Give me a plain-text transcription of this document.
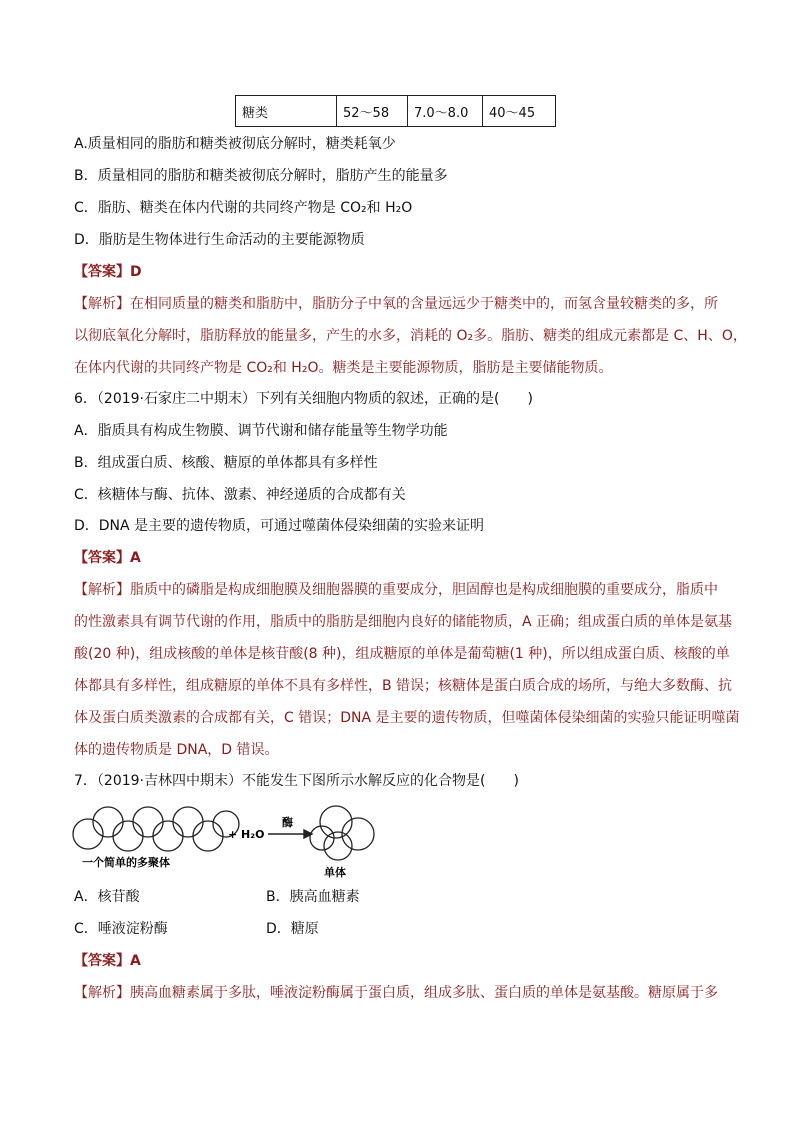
糖类	52～58	7.0～8.0	40～45
A.质量相同的脂肪和糖类被彻底分解时，糖类耗氧少
B．质量相同的脂肪和糖类被彻底分解时，脂肪产生的能量多
C．脂肪、糖类在体内代谢的共同终产物是 CO₂和 H₂O
D．脂肪是生物体进行生命活动的主要能源物质
【答案】D
【解析】在相同质量的糖类和脂肪中，脂肪分子中氧的含量远远少于糖类中的，而氢含量较糖类的多，所
以彻底氧化分解时，脂肪释放的能量多，产生的水多，消耗的 O₂多。脂肪、糖类的组成元素都是 C、H、O，
在体内代谢的共同终产物是 CO₂和 H₂O。糖类是主要能源物质，脂肪是主要储能物质。
6．（2019·石家庄二中期末）下列有关细胞内物质的叙述，正确的是(　　)
A．脂质具有构成生物膜、调节代谢和储存能量等生物学功能
B．组成蛋白质、核酸、糖原的单体都具有多样性
C．核糖体与酶、抗体、激素、神经递质的合成都有关
D．DNA 是主要的遗传物质，可通过噬菌体侵染细菌的实验来证明
【答案】A
【解析】脂质中的磷脂是构成细胞膜及细胞器膜的重要成分，胆固醇也是构成细胞膜的重要成分，脂质中
的性激素具有调节代谢的作用，脂质中的脂肪是细胞内良好的储能物质，A 正确；组成蛋白质的单体是氨基
酸(20 种)，组成核酸的单体是核苷酸(8 种)，组成糖原的单体是葡萄糖(1 种)，所以组成蛋白质、核酸的单
体都具有多样性，组成糖原的单体不具有多样性，B 错误；核糖体是蛋白质合成的场所，与绝大多数酶、抗
体及蛋白质类激素的合成都有关，C 错误；DNA 是主要的遗传物质，但噬菌体侵染细菌的实验只能证明噬菌
体的遗传物质是 DNA，D 错误。
7．（2019·吉林四中期末）不能发生下图所示水解反应的化合物是(　　)
一个简单的多聚体
+ H₂O
酶
单体
A．核苷酸	B．胰高血糖素
C．唾液淀粉酶	D．糖原
【答案】A
【解析】胰高血糖素属于多肽，唾液淀粉酶属于蛋白质，组成多肽、蛋白质的单体是氨基酸。糖原属于多
